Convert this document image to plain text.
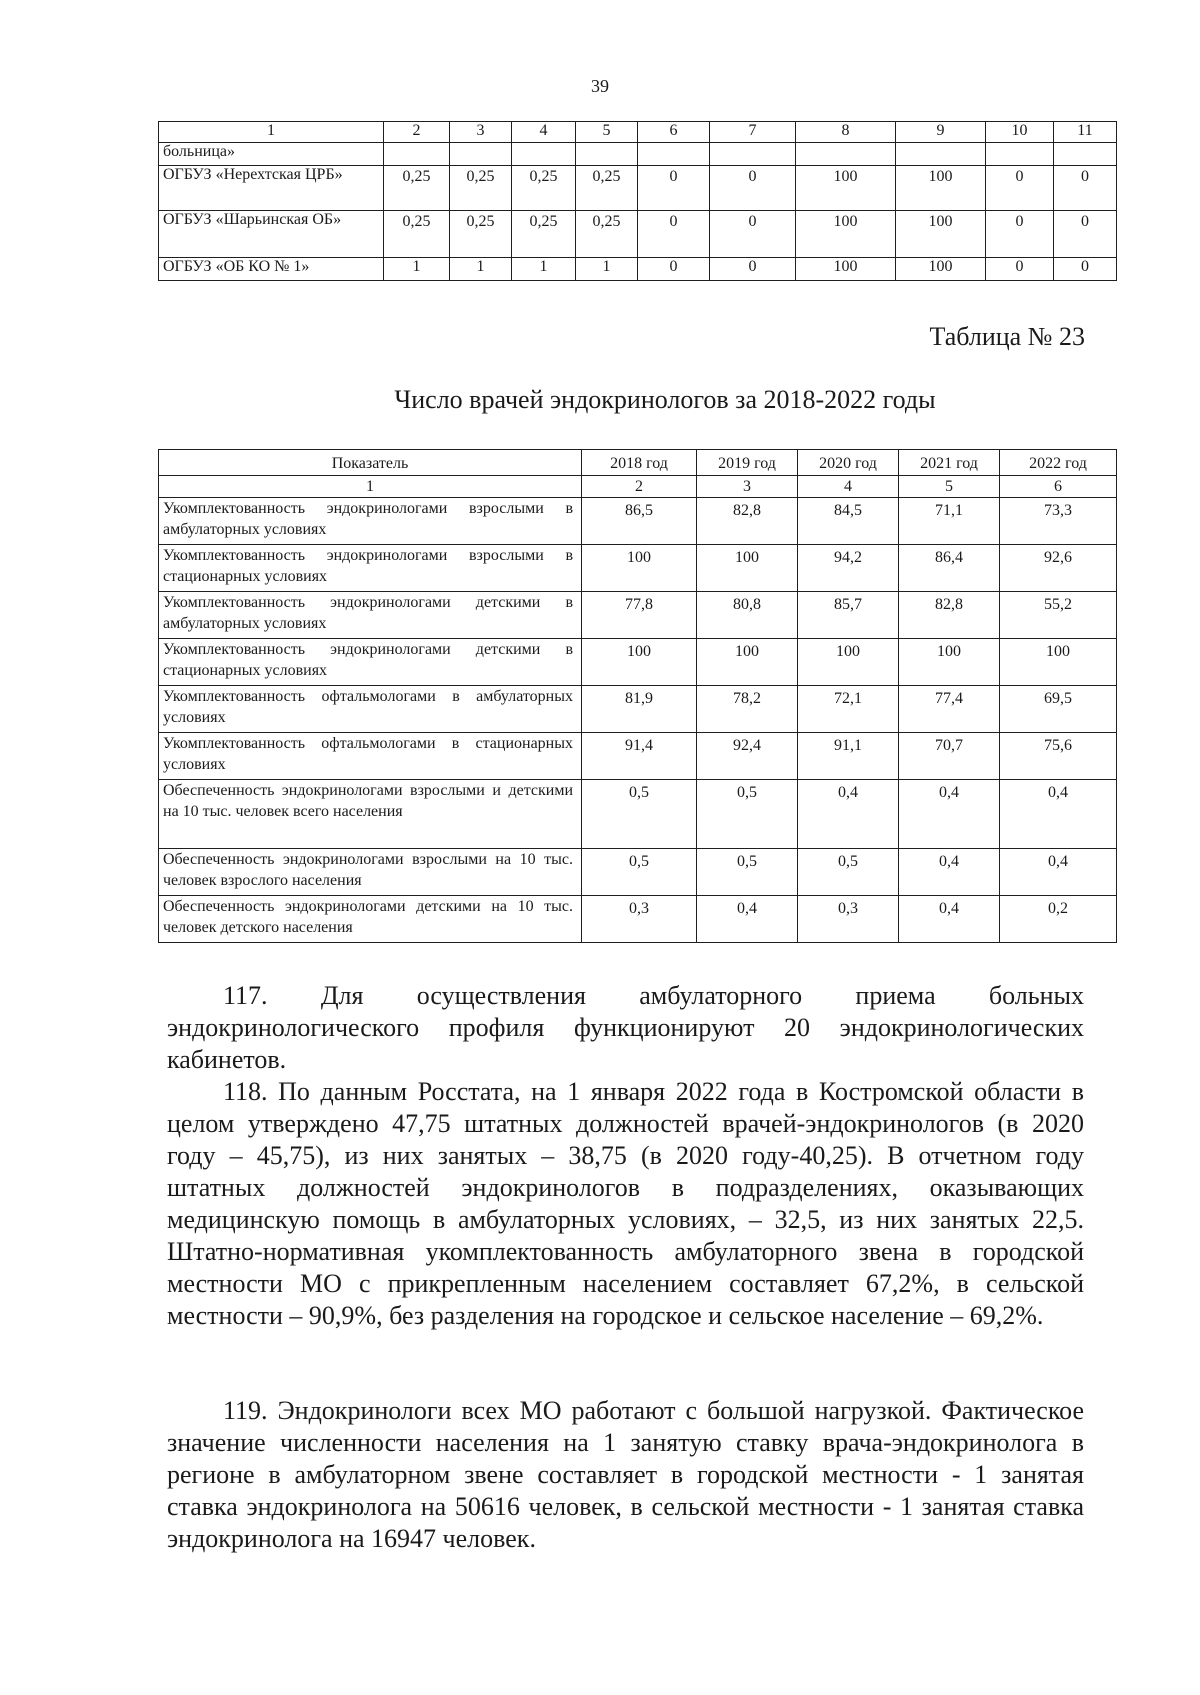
39
1	2	3	4	5	6	7	8	9	10	11
больница»										
ОГБУЗ «Нерехтская ЦРБ»	0,25	0,25	0,25	0,25	0	0	100	100	0	0
ОГБУЗ «Шарьинская ОБ»	0,25	0,25	0,25	0,25	0	0	100	100	0	0
ОГБУЗ «ОБ КО № 1»	1	1	1	1	0	0	100	100	0	0
Таблица № 23
Число врачей эндокринологов за 2018-2022 годы
Показатель	2018 год	2019 год	2020 год	2021 год	2022 год
1	2	3	4	5	6
Укомплектованность эндокринологами взрослыми в амбулаторных условиях	86,5	82,8	84,5	71,1	73,3
Укомплектованность эндокринологами взрослыми в стационарных условиях	100	100	94,2	86,4	92,6
Укомплектованность эндокринологами детскими в амбулаторных условиях	77,8	80,8	85,7	82,8	55,2
Укомплектованность эндокринологами детскими в стационарных условиях	100	100	100	100	100
Укомплектованность офтальмологами в амбулаторных условиях	81,9	78,2	72,1	77,4	69,5
Укомплектованность офтальмологами в стационарных условиях	91,4	92,4	91,1	70,7	75,6
Обеспеченность эндокринологами взрослыми и детскими на 10 тыс. человек всего населения	0,5	0,5	0,4	0,4	0,4
Обеспеченность эндокринологами взрослыми на 10 тыс. человек взрослого населения	0,5	0,5	0,5	0,4	0,4
Обеспеченность эндокринологами детскими на 10 тыс. человек детского населения	0,3	0,4	0,3	0,4	0,2

117. Для осуществления амбулаторного приема больных эндокринологического профиля функционируют 20 эндокринологических кабинетов.

118. По данным Росстата, на 1 января 2022 года в Костромской области в целом утверждено 47,75 штатных должностей врачей-эндокринологов (в 2020 году – 45,75), из них занятых – 38,75 (в 2020 году-40,25). В отчетном году штатных должностей эндокринологов в подразделениях, оказывающих медицинскую помощь в амбулаторных условиях, – 32,5, из них занятых 22,5. Штатно-нормативная укомплектованность амбулаторного звена в городской местности МО с прикрепленным населением составляет 67,2%, в сельской местности – 90,9%, без разделения на городское и сельское население – 69,2%.

119. Эндокринологи всех МО работают с большой нагрузкой. Фактическое значение численности населения на 1 занятую ставку врача-эндокринолога в регионе в амбулаторном звене составляет в городской местности - 1 занятая ставка эндокринолога на 50616 человек, в сельской местности - 1 занятая ставка эндокринолога на 16947 человек.
